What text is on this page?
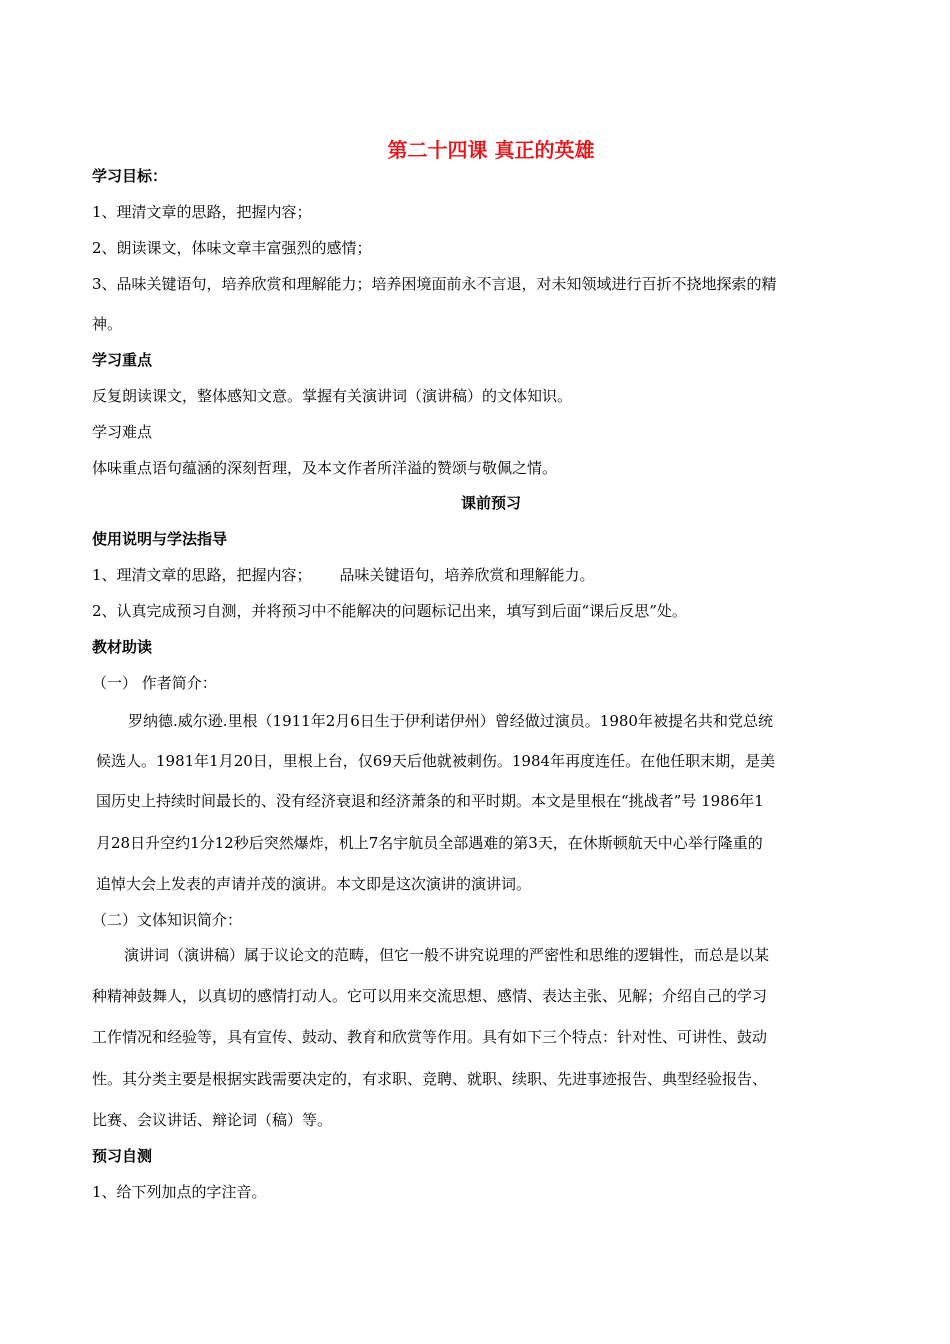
第二十四课 真正的英雄
学习目标：
1、理清文章的思路，把握内容；
2、朗读课文，体味文章丰富强烈的感情；
3、品味关键语句，培养欣赏和理解能力；培养困境面前永不言退，对未知领域进行百折不挠地探索的精
神。
学习重点
反复朗读课文，整体感知文意。掌握有关演讲词（演讲稿）的文体知识。
学习难点
体味重点语句蕴涵的深刻哲理，及本文作者所洋溢的赞颂与敬佩之情。
课前预习
使用说明与学法指导
1、理清文章的思路，把握内容； 品味关键语句，培养欣赏和理解能力。
2、认真完成预习自测，并将预习中不能解决的问题标记出来，填写到后面“课后反思”处。
教材助读
（一） 作者简介：
罗纳德.威尔逊.里根（1911年2月6日生于伊利诺伊州）曾经做过演员。1980年被提名共和党总统
候选人。1981年1月20日，里根上台，仅69天后他就被刺伤。1984年再度连任。在他任职末期，是美
国历史上持续时间最长的、没有经济衰退和经济萧条的和平时期。本文是里根在“挑战者”号 1986年1
月28日升空约1分12秒后突然爆炸，机上7名宇航员全部遇难的第3天，在休斯顿航天中心举行隆重的
追悼大会上发表的声请并茂的演讲。本文即是这次演讲的演讲词。
（二）文体知识简介：
演讲词（演讲稿）属于议论文的范畴，但它一般不讲究说理的严密性和思维的逻辑性，而总是以某
种精神鼓舞人，以真切的感情打动人。它可以用来交流思想、感情、表达主张、见解；介绍自己的学习
工作情况和经验等，具有宣传、鼓动、教育和欣赏等作用。具有如下三个特点：针对性、可讲性、鼓动
性。其分类主要是根据实践需要决定的，有求职、竞聘、就职、续职、先进事迹报告、典型经验报告、
比赛、会议讲话、辩论词（稿）等。
预习自测
1、给下列加点的字注音。
